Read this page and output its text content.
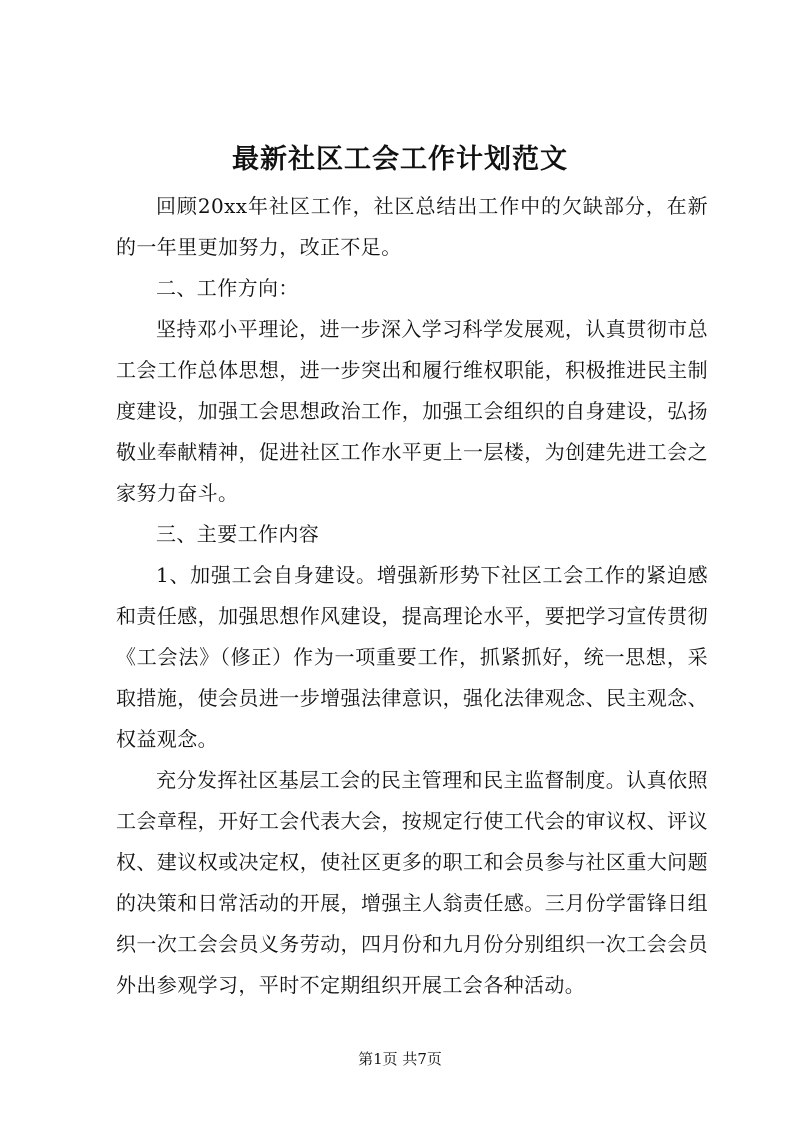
最新社区工会工作计划范文

回顾20xx年社区工作，社区总结出工作中的欠缺部分，在新的一年里更加努力，改正不足。

二、工作方向：

坚持邓小平理论，进一步深入学习科学发展观，认真贯彻市总工会工作总体思想，进一步突出和履行维权职能，积极推进民主制度建设，加强工会思想政治工作，加强工会组织的自身建设，弘扬敬业奉献精神，促进社区工作水平更上一层楼，为创建先进工会之家努力奋斗。

三、主要工作内容

1、加强工会自身建设。增强新形势下社区工会工作的紧迫感和责任感，加强思想作风建设，提高理论水平，要把学习宣传贯彻《工会法》（修正）作为一项重要工作，抓紧抓好，统一思想，采取措施，使会员进一步增强法律意识，强化法律观念、民主观念、权益观念。

充分发挥社区基层工会的民主管理和民主监督制度。认真依照工会章程，开好工会代表大会，按规定行使工代会的审议权、评议权、建议权或决定权，使社区更多的职工和会员参与社区重大问题的决策和日常活动的开展，增强主人翁责任感。三月份学雷锋日组织一次工会会员义务劳动，四月份和九月份分别组织一次工会会员外出参观学习，平时不定期组织开展工会各种活动。

第1页 共7页
